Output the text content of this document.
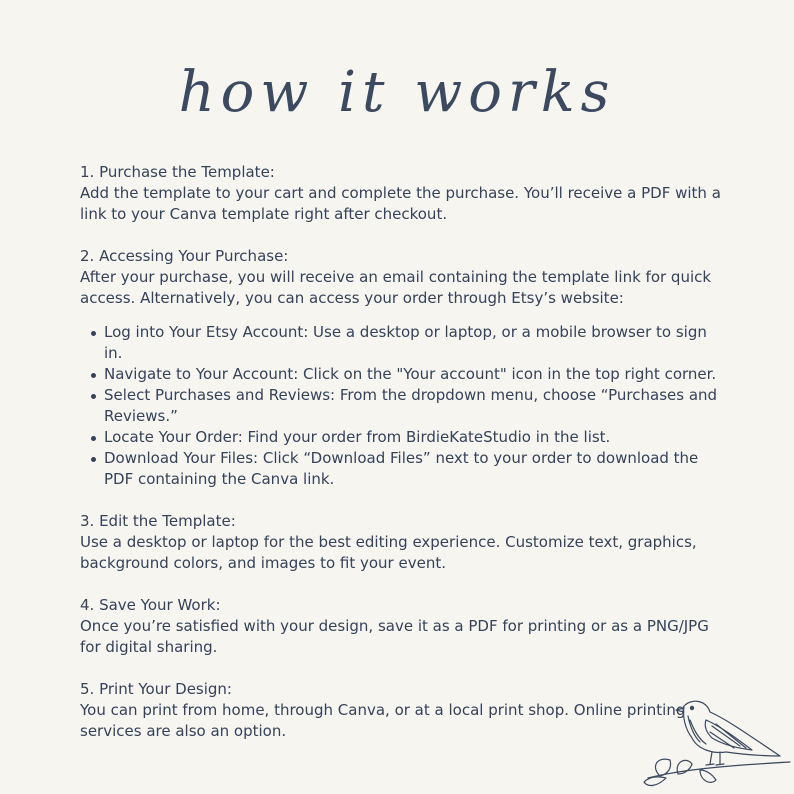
how it works

1. Purchase the Template:

Add the template to your cart and complete the purchase. You’ll receive a PDF with a link to your Canva template right after checkout.

2. Accessing Your Purchase:

After your purchase, you will receive an email containing the template link for quick access. Alternatively, you can access your order through Etsy’s website:

Log into Your Etsy Account: Use a desktop or laptop, or a mobile browser to sign in.
Navigate to Your Account: Click on the "Your account" icon in the top right corner.
Select Purchases and Reviews: From the dropdown menu, choose “Purchases and Reviews.”
Locate Your Order: Find your order from BirdieKateStudio in the list.
Download Your Files: Click “Download Files” next to your order to download the PDF containing the Canva link.

3. Edit the Template:

Use a desktop or laptop for the best editing experience. Customize text, graphics, background colors, and images to fit your event.

4. Save Your Work:

Once you’re satisfied with your design, save it as a PDF for printing or as a PNG/JPG for digital sharing.

5. Print Your Design:

You can print from home, through Canva, or at a local print shop. Online printing services are also an option.
